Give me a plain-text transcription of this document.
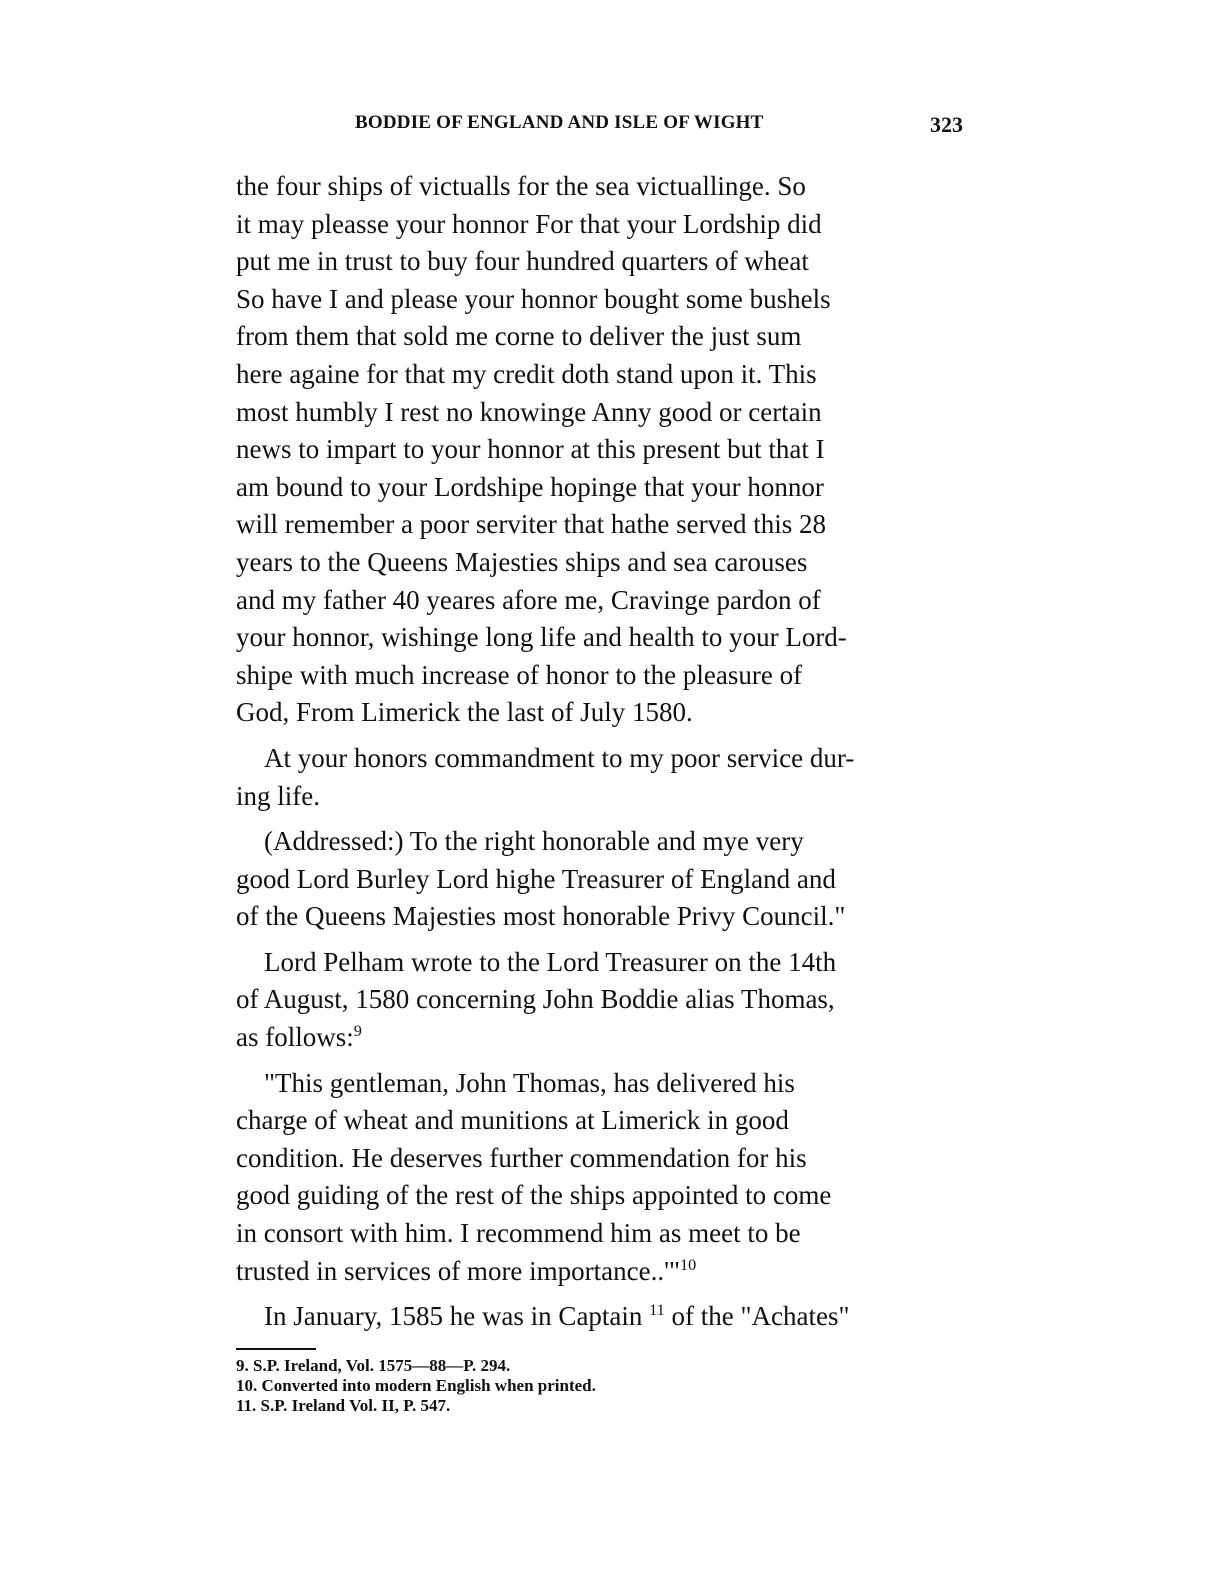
BODDIE OF ENGLAND AND ISLE OF WIGHT	323

the four ships of victualls for the sea victuallinge. So
it may pleasse your honnor For that your Lordship did
put me in trust to buy four hundred quarters of wheat
So have I and please your honnor bought some bushels
from them that sold me corne to deliver the just sum
here againe for that my credit doth stand upon it. This
most humbly I rest no knowinge Anny good or certain
news to impart to your honnor at this present but that I
am bound to your Lordshipe hopinge that your honnor
will remember a poor serviter that hathe served this 28
years to the Queens Majesties ships and sea carouses
and my father 40 yeares afore me, Cravinge pardon of
your honnor, wishinge long life and health to your Lord-
shipe with much increase of honor to the pleasure of
God, From Limerick the last of July 1580.

At your honors commandment to my poor service dur-
ing life.

(Addressed:) To the right honorable and mye very
good Lord Burley Lord highe Treasurer of England and
of the Queens Majesties most honorable Privy Council."

Lord Pelham wrote to the Lord Treasurer on the 14th
of August, 1580 concerning John Boddie alias Thomas,
as follows:$^9$

"This gentleman, John Thomas, has delivered his
charge of wheat and munitions at Limerick in good
condition. He deserves further commendation for his
good guiding of the rest of the ships appointed to come
in consort with him. I recommend him as meet to be
trusted in services of more importance..'"$^{10}$

In January, 1585 he was in Captain $^{11}$ of the "Achates"

9. S.P. Ireland, Vol. 1575—88—P. 294.

10. Converted into modern English when printed.

11. S.P. Ireland Vol. II, P. 547.
